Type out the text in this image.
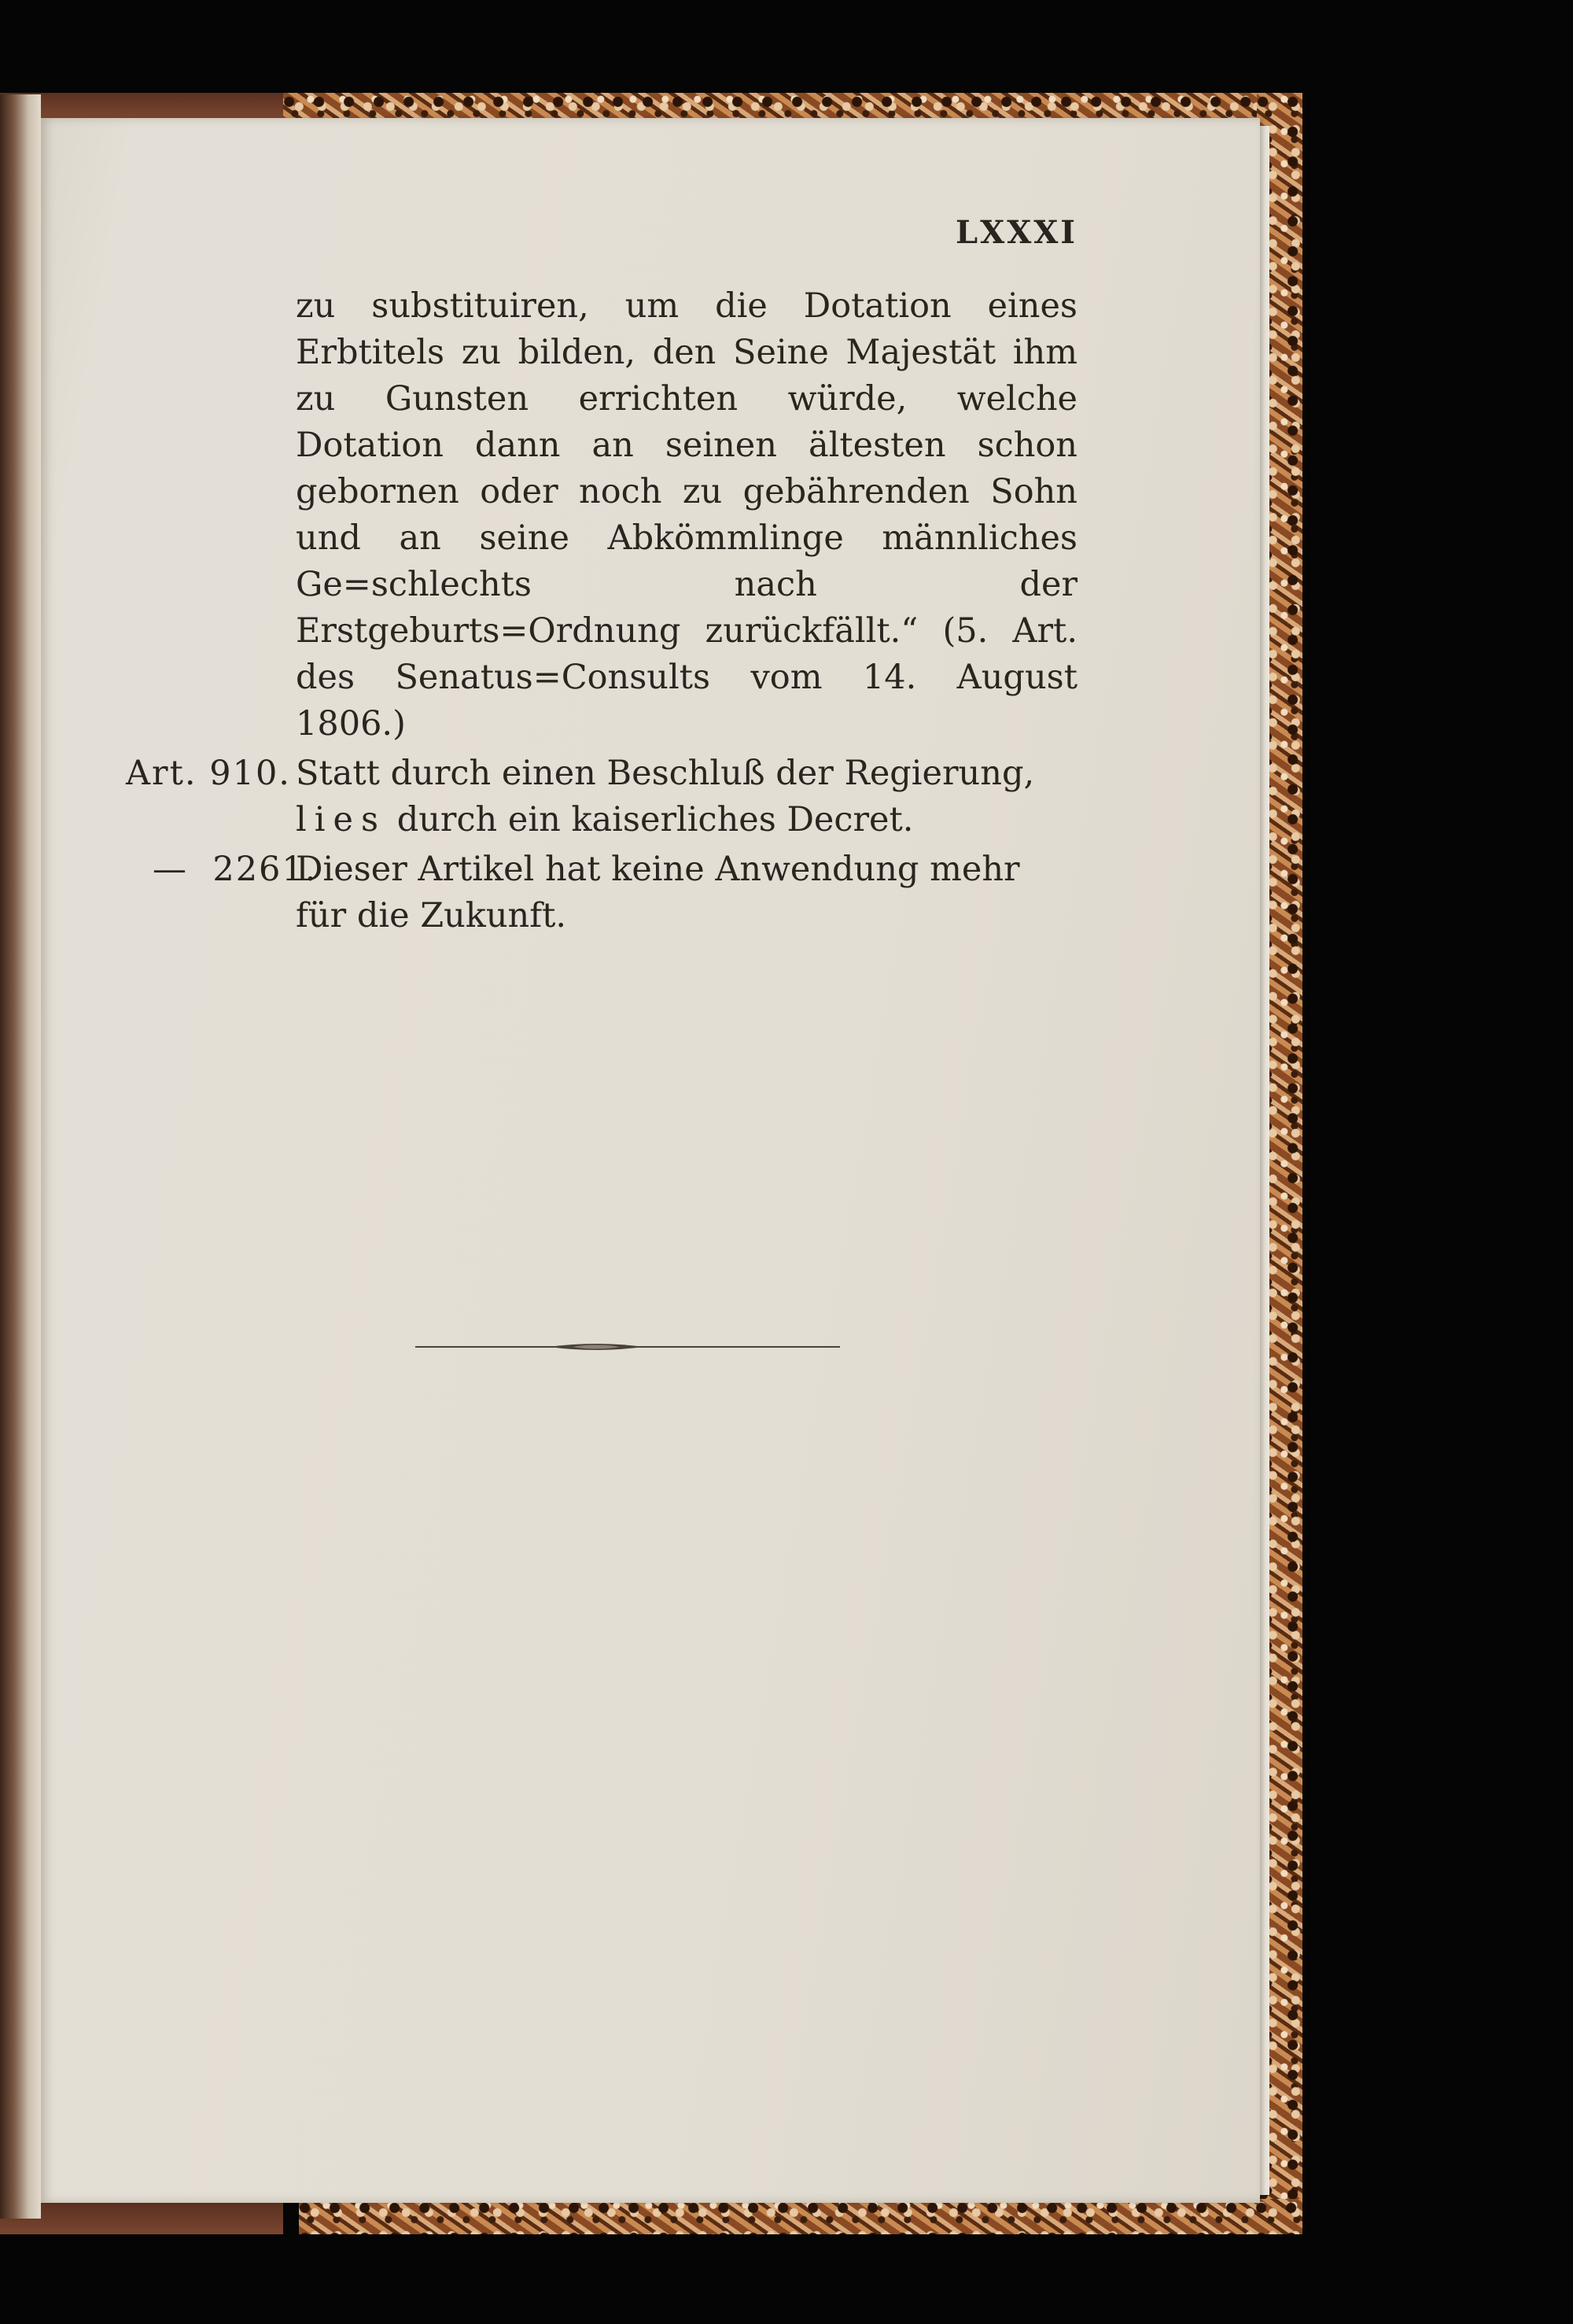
LXXXI

zu substituiren, um die Dotation eines Erbtitels zu bilden, den Seine Majestät ihm zu Gunsten errichten würde, welche Dotation dann an seinen ältesten schon gebornen oder noch zu gebährenden Sohn und an seine Abkömmlinge männliches Ge=schlechts nach der Erstgeburts=Ordnung zurückfällt.“ (5. Art. des Senatus=Consults vom 14. August 1806.)

Art. 910. Statt durch einen Beschluß der Regierung, lies durch ein kaiserliches Decret.
—  2261.
Dieser Artikel hat keine Anwendung mehr für die Zukunft.
